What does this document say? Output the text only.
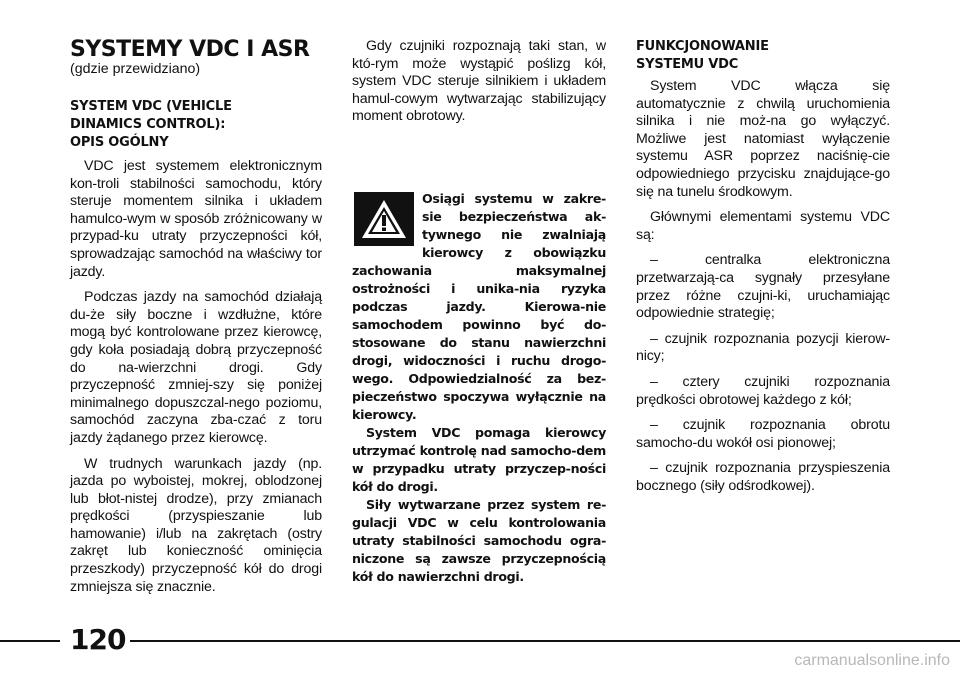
SYSTEMY VDC I ASR

(gdzie przewidziano)

SYSTEM VDC (VEHICLE

DINAMICS CONTROL):

OPIS OGÓLNY

VDC jest systemem elektronicznym kon-troli stabilności samochodu, który steruje momentem silnika i układem hamulco-wym w sposób zróżnicowany w przypad-ku utraty przyczepności kół, sprowadzając samochód na właściwy tor jazdy.

Podczas jazdy na samochód działają du-że siły boczne i wzdłużne, które mogą być kontrolowane przez kierowcę, gdy koła posiadają dobrą przyczepność do na-wierzchni drogi. Gdy przyczepność zmniej-szy się poniżej minimalnego dopuszczal-nego poziomu, samochód zaczyna zba-czać z toru jazdy żądanego przez kierowcę.

W trudnych warunkach jazdy (np. jazda po wyboistej, mokrej, oblodzonej lub błot-nistej drodze), przy zmianach prędkości (przyspieszanie lub hamowanie) i/lub na zakrętach (ostry zakręt lub konieczność ominięcia przeszkody) przyczepność kół do drogi zmniejsza się znacznie.

Gdy czujniki rozpoznają taki stan, w któ-rym może wystąpić poślizg kół, system VDC steruje silnikiem i układem hamul-cowym wytwarzając stabilizujący moment obrotowy.

Osiągi systemu w zakre-sie bezpieczeństwa ak-tywnego nie zwalniają kierowcy z obowiązku zachowania maksymalnej ostrożności i unika-nia ryzyka podczas jazdy. Kierowa-nie samochodem powinno być do-stosowane do stanu nawierzchni drogi, widoczności i ruchu drogo-wego. Odpowiedzialność za bez-pieczeństwo spoczywa wyłącznie na kierowcy.

System VDC pomaga kierowcy utrzymać kontrolę nad samocho-dem w przypadku utraty przyczep-ności kół do drogi.

Siły wytwarzane przez system re-gulacji VDC w celu kontrolowania utraty stabilności samochodu ogra-niczone są zawsze przyczepnością kół do nawierzchni drogi.

FUNKCJONOWANIE

SYSTEMU VDC

System VDC włącza się automatycznie z chwilą uruchomienia silnika i nie moż-na go wyłączyć. Możliwe jest natomiast wyłączenie systemu ASR poprzez naciśnię-cie odpowiedniego przycisku znajdujące-go się na tunelu środkowym.

Głównymi elementami systemu VDC są:

– centralka elektroniczna przetwarzają-ca sygnały przesyłane przez różne czujni-ki, uruchamiając odpowiednie strategię;

– czujnik rozpoznania pozycji kierow-nicy;

– cztery czujniki rozpoznania prędkości obrotowej każdego z kół;

– czujnik rozpoznania obrotu samocho-du wokół osi pionowej;

– czujnik rozpoznania przyspieszenia bocznego (siły odśrodkowej).

120

carmanualsonline.info
